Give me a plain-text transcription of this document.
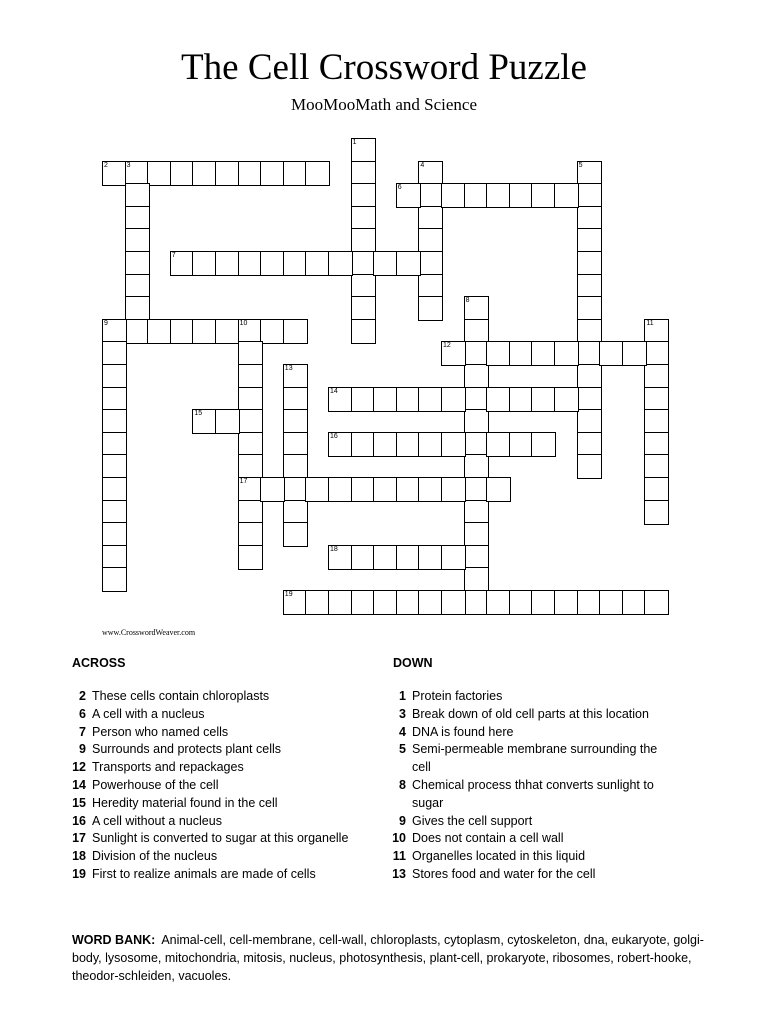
The Cell Crossword Puzzle
MooMooMath and Science
1
2	3	4	5
6
7
8
9	10
17
11
12
13
14
15
16
18
19
www.CrosswordWeaver.com
ACROSS	DOWN
2 These cells contain chloroplasts
6 A cell with a nucleus
7 Person who named cells
9 Surrounds and protects plant cells
12 Transports and repackages
14 Powerhouse of the cell
15 Heredity material found in the cell
16 A cell without a nucleus
17 Sunlight is converted to sugar at this organelle
18 Division of the nucleus
19 First to realize animals are made of cells
1 Protein factories
3 Break down of old cell parts at this location
4 DNA is found here
5 Semi-permeable membrane surrounding the cell
8 Chemical process thhat converts sunlight to sugar
9 Gives the cell support
10 Does not contain a cell wall
11 Organelles located in this liquid
13 Stores food and water for the cell
WORD BANK: Animal-cell, cell-membrane, cell-wall, chloroplasts, cytoplasm, cytoskeleton, dna, eukaryote, golgi-body, lysosome, mitochondria, mitosis, nucleus, photosynthesis, plant-cell, prokaryote, ribosomes, robert-hooke, theodor-schleiden, vacuoles.
